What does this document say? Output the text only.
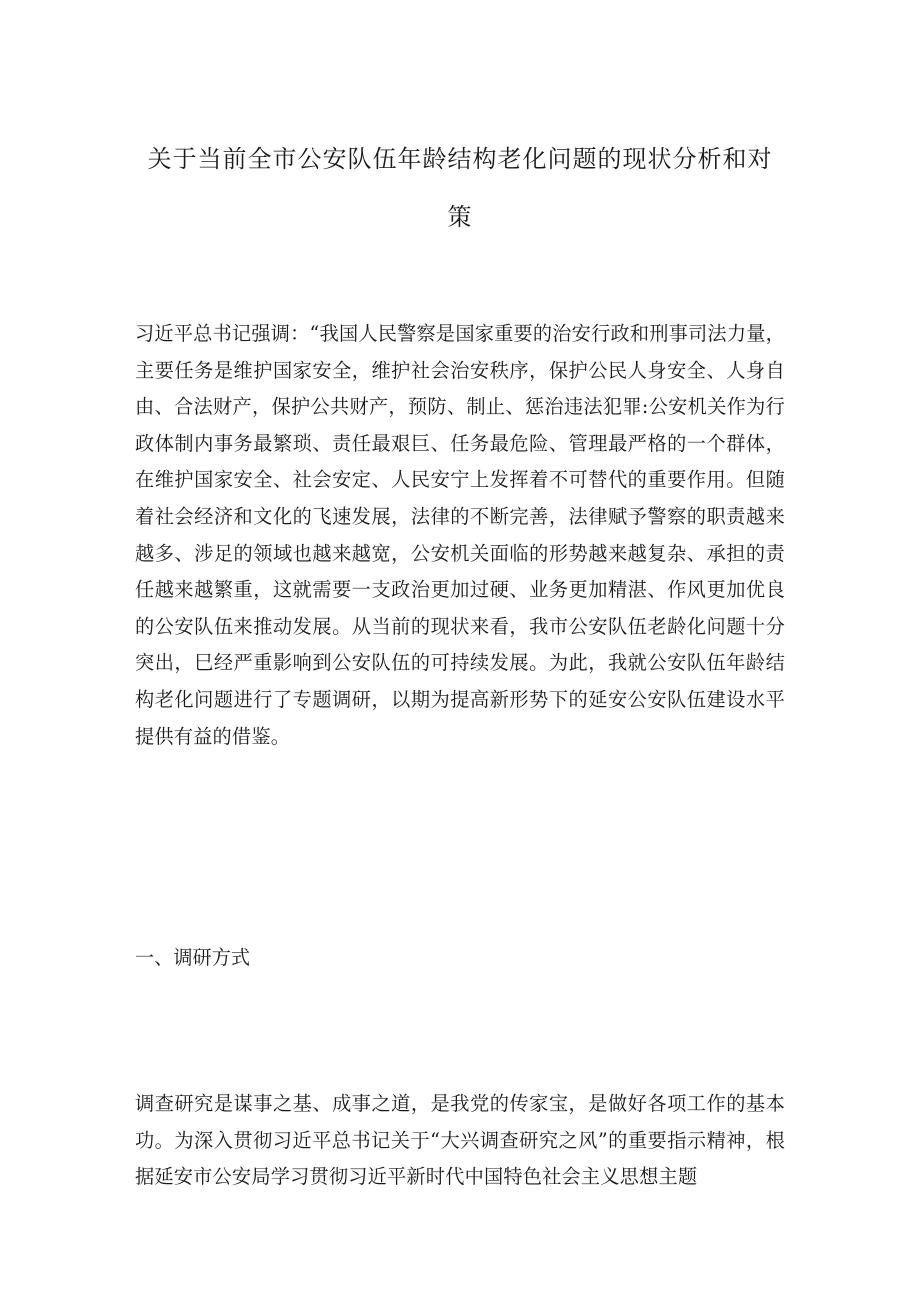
关于当前全市公安队伍年龄结构老化问题的现状分析和对策

习近平总书记强调：“我国人民警察是国家重要的治安行政和刑事司法力量，主要任务是维护国家安全，维护社会治安秩序，保护公民人身安全、人身自由、合法财产，保护公共财产，预防、制止、惩治违法犯罪:公安机关作为行政体制内事务最繁琐、责任最艰巨、任务最危险、管理最严格的一个群体，在维护国家安全、社会安定、人民安宁上发挥着不可替代的重要作用。但随着社会经济和文化的飞速发展，法律的不断完善，法律赋予警察的职责越来越多、涉足的领域也越来越宽，公安机关面临的形势越来越复杂、承担的责任越来越繁重，这就需要一支政治更加过硬、业务更加精湛、作风更加优良的公安队伍来推动发展。从当前的现状来看，我市公安队伍老龄化问题十分突出，巳经严重影响到公安队伍的可持续发展。为此，我就公安队伍年龄结构老化问题进行了专题调研，以期为提高新形势下的延安公安队伍建设水平提供有益的借鉴。

一、调研方式

调查研究是谋事之基、成事之道，是我党的传家宝，是做好各项工作的基本功。为深入贯彻习近平总书记关于“大兴调查研究之风”的重要指示精神，根据延安市公安局学习贯彻习近平新时代中国特色社会主义思想主题
